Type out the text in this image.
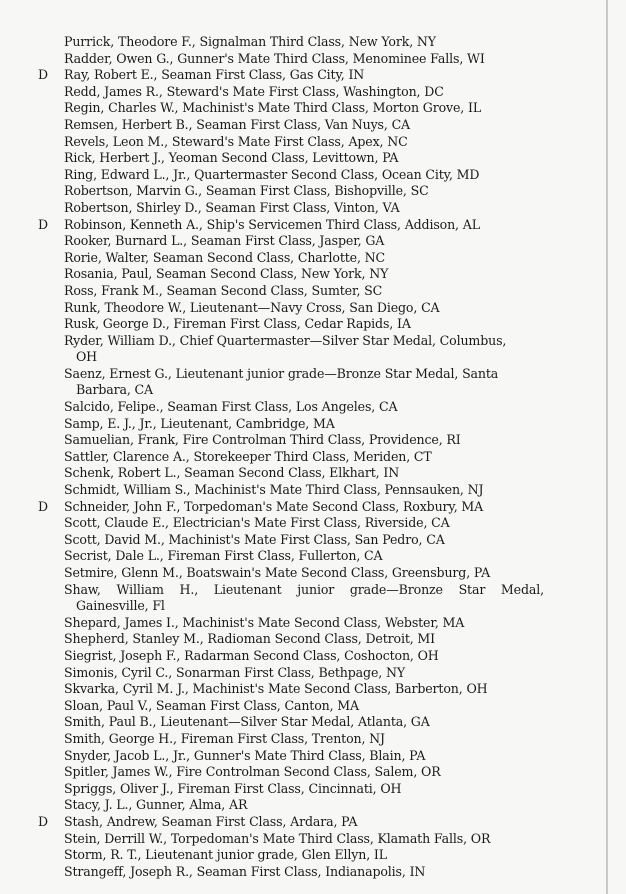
Purrick, Theodore F., Signalman Third Class, New York, NY
Radder, Owen G., Gunner's Mate Third Class, Menominee Falls, WI
D Ray, Robert E., Seaman First Class, Gas City, IN
Redd, James R., Steward's Mate First Class, Washington, DC
Regin, Charles W., Machinist's Mate Third Class, Morton Grove, IL
Remsen, Herbert B., Seaman First Class, Van Nuys, CA
Revels, Leon M., Steward's Mate First Class, Apex, NC
Rick, Herbert J., Yeoman Second Class, Levittown, PA
Ring, Edward L., Jr., Quartermaster Second Class, Ocean City, MD
Robertson, Marvin G., Seaman First Class, Bishopville, SC
Robertson, Shirley D., Seaman First Class, Vinton, VA
D Robinson, Kenneth A., Ship's Servicemen Third Class, Addison, AL
Rooker, Burnard L., Seaman First Class, Jasper, GA
Rorie, Walter, Seaman Second Class, Charlotte, NC
Rosania, Paul, Seaman Second Class, New York, NY
Ross, Frank M., Seaman Second Class, Sumter, SC
Runk, Theodore W., Lieutenant—Navy Cross, San Diego, CA
Rusk, George D., Fireman First Class, Cedar Rapids, IA
Ryder, William D., Chief Quartermaster—Silver Star Medal, Columbus,
OH
Saenz, Ernest G., Lieutenant junior grade—Bronze Star Medal, Santa
Barbara, CA
Salcido, Felipe., Seaman First Class, Los Angeles, CA
Samp, E. J., Jr., Lieutenant, Cambridge, MA
Samuelian, Frank, Fire Controlman Third Class, Providence, RI
Sattler, Clarence A., Storekeeper Third Class, Meriden, CT
Schenk, Robert L., Seaman Second Class, Elkhart, IN
Schmidt, William S., Machinist's Mate Third Class, Pennsauken, NJ
D Schneider, John F., Torpedoman's Mate Second Class, Roxbury, MA
Scott, Claude E., Electrician's Mate First Class, Riverside, CA
Scott, David M., Machinist's Mate First Class, San Pedro, CA
Secrist, Dale L., Fireman First Class, Fullerton, CA
Setmire, Glenn M., Boatswain's Mate Second Class, Greensburg, PA
Shaw, William H., Lieutenant junior grade—Bronze Star Medal,
Gainesville, Fl
Shepard, James I., Machinist's Mate Second Class, Webster, MA
Shepherd, Stanley M., Radioman Second Class, Detroit, MI
Siegrist, Joseph F., Radarman Second Class, Coshocton, OH
Simonis, Cyril C., Sonarman First Class, Bethpage, NY
Skvarka, Cyril M. J., Machinist's Mate Second Class, Barberton, OH
Sloan, Paul V., Seaman First Class, Canton, MA
Smith, Paul B., Lieutenant—Silver Star Medal, Atlanta, GA
Smith, George H., Fireman First Class, Trenton, NJ
Snyder, Jacob L., Jr., Gunner's Mate Third Class, Blain, PA
Spitler, James W., Fire Controlman Second Class, Salem, OR
Spriggs, Oliver J., Fireman First Class, Cincinnati, OH
Stacy, J. L., Gunner, Alma, AR
D Stash, Andrew, Seaman First Class, Ardara, PA
Stein, Derrill W., Torpedoman's Mate Third Class, Klamath Falls, OR
Storm, R. T., Lieutenant junior grade, Glen Ellyn, IL
Strangeff, Joseph R., Seaman First Class, Indianapolis, IN
